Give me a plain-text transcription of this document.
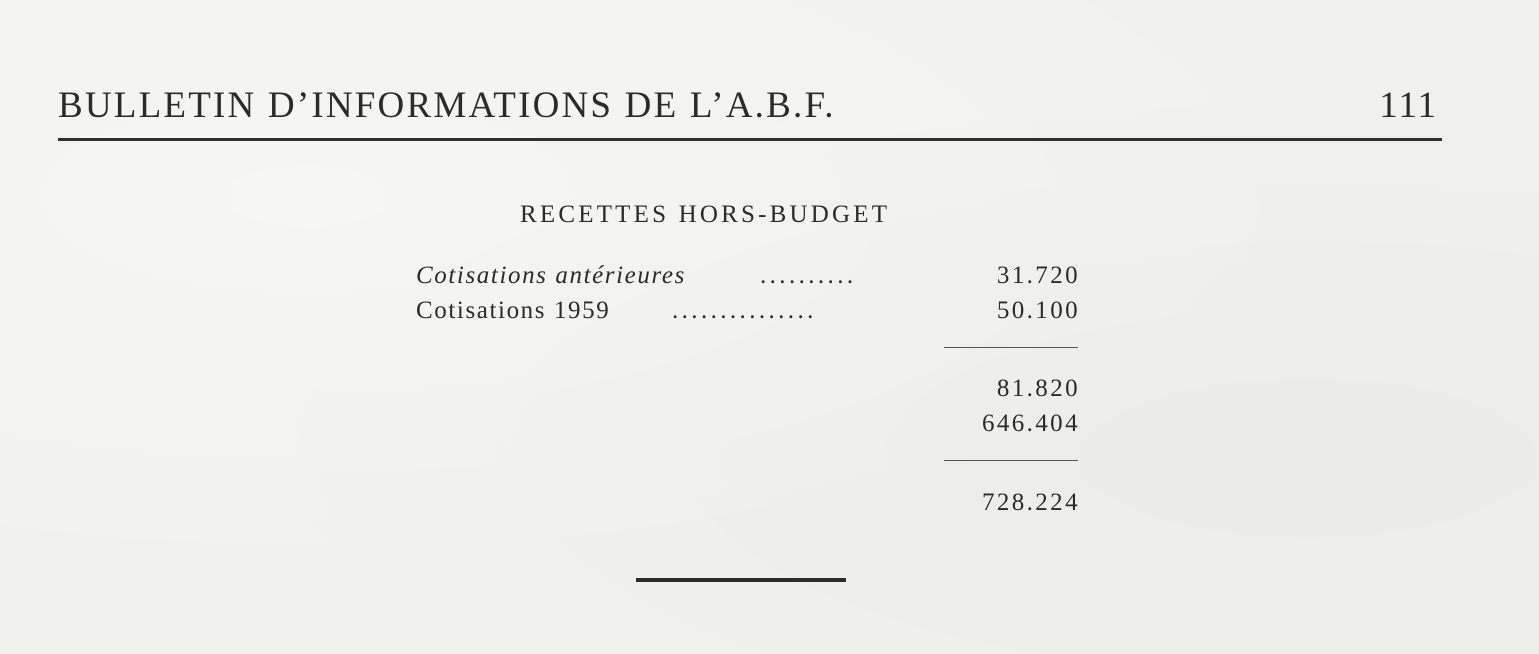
BULLETIN D’INFORMATIONS DE L’A.B.F.	111
RECETTES HORS-BUDGET
Cotisations antérieures	..........	31.720
Cotisations 1959 ...............	50.100
81.820
646.404
728.224
